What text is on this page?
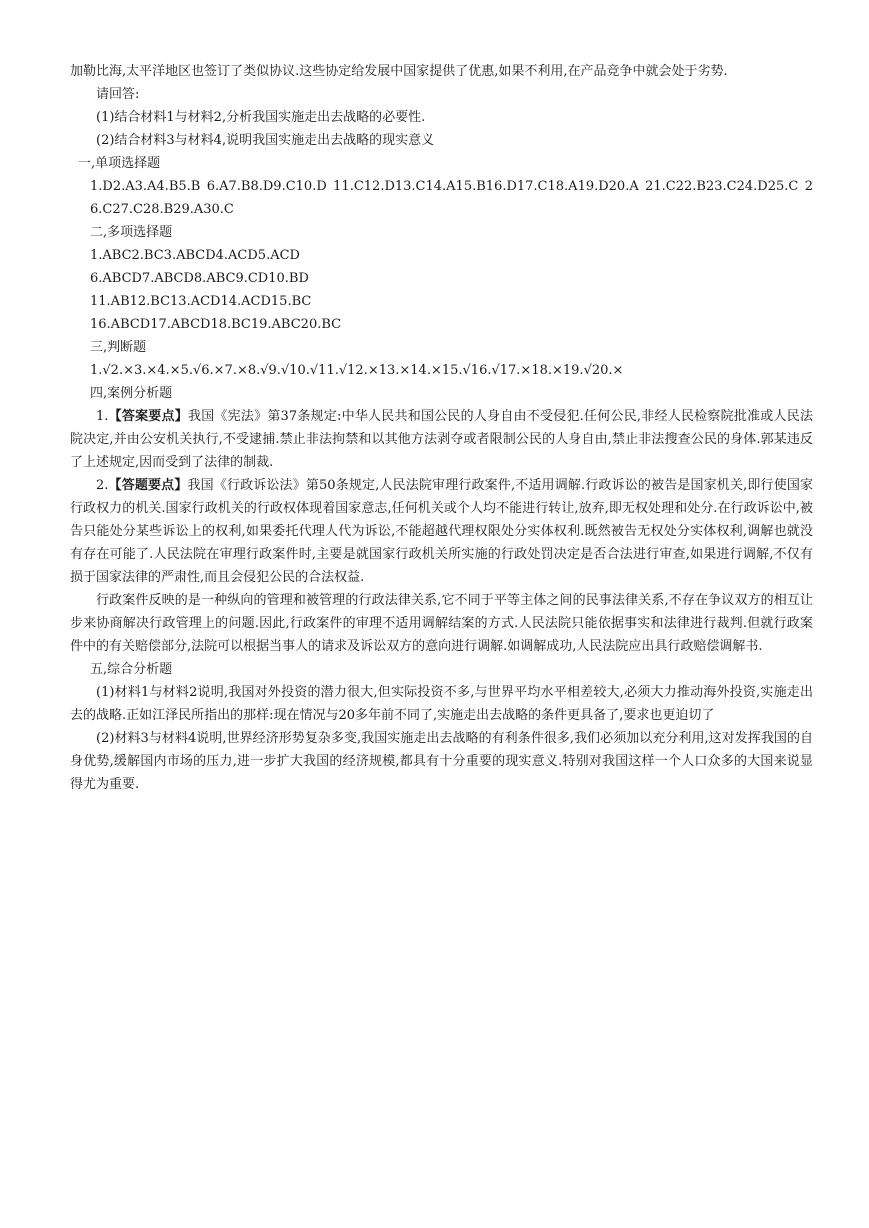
加勒比海,太平洋地区也签订了类似协议.这些协定给发展中国家提供了优惠,如果不利用,在产品竞争中就会处于劣势.

请回答:

(1)结合材料1与材料2,分析我国实施走出去战略的必要性.

(2)结合材料3与材料4,说明我国实施走出去战略的现实意义

一,单项选择题

1.D2.A3.A4.B5.B 6.A7.B8.D9.C10.D 11.C12.D13.C14.A15.B16.D17.C18.A19.D20.A 21.C22.B23.C24.D25.C 26.C27.C28.B29.A30.C

二,多项选择题

1.ABC2.BC3.ABCD4.ACD5.ACD

6.ABCD7.ABCD8.ABC9.CD10.BD

11.AB12.BC13.ACD14.ACD15.BC

16.ABCD17.ABCD18.BC19.ABC20.BC

三,判断题

1.√2.×3.×4.×5.√6.×7.×8.√9.√10.√11.√12.×13.×14.×15.√16.√17.×18.×19.√20.×

四,案例分析题

1.【答案要点】我国《宪法》第37条规定:中华人民共和国公民的人身自由不受侵犯.任何公民,非经人民检察院批准或人民法院决定,并由公安机关执行,不受逮捕.禁止非法拘禁和以其他方法剥夺或者限制公民的人身自由,禁止非法搜查公民的身体.郭某违反了上述规定,因而受到了法律的制裁.

2.【答题要点】我国《行政诉讼法》第50条规定,人民法院审理行政案件,不适用调解.行政诉讼的被告是国家机关,即行使国家行政权力的机关.国家行政机关的行政权体现着国家意志,任何机关或个人均不能进行转让,放弃,即无权处理和处分.在行政诉讼中,被告只能处分某些诉讼上的权利,如果委托代理人代为诉讼,不能超越代理权限处分实体权利.既然被告无权处分实体权利,调解也就没有存在可能了.人民法院在审理行政案件时,主要是就国家行政机关所实施的行政处罚决定是否合法进行审查,如果进行调解,不仅有损于国家法律的严肃性,而且会侵犯公民的合法权益.

行政案件反映的是一种纵向的管理和被管理的行政法律关系,它不同于平等主体之间的民事法律关系,不存在争议双方的相互让步来协商解决行政管理上的问题.因此,行政案件的审理不适用调解结案的方式.人民法院只能依据事实和法律进行裁判.但就行政案件中的有关赔偿部分,法院可以根据当事人的请求及诉讼双方的意向进行调解.如调解成功,人民法院应出具行政赔偿调解书.

五,综合分析题

(1)材料1与材料2说明,我国对外投资的潜力很大,但实际投资不多,与世界平均水平相差较大,必须大力推动海外投资,实施走出去的战略.正如江泽民所指出的那样:现在情况与20多年前不同了,实施走出去战略的条件更具备了,要求也更迫切了

(2)材料3与材料4说明,世界经济形势复杂多变,我国实施走出去战略的有利条件很多,我们必须加以充分利用,这对发挥我国的自身优势,缓解国内市场的压力,进一步扩大我国的经济规模,都具有十分重要的现实意义.特别对我国这样一个人口众多的大国来说显得尤为重要.
